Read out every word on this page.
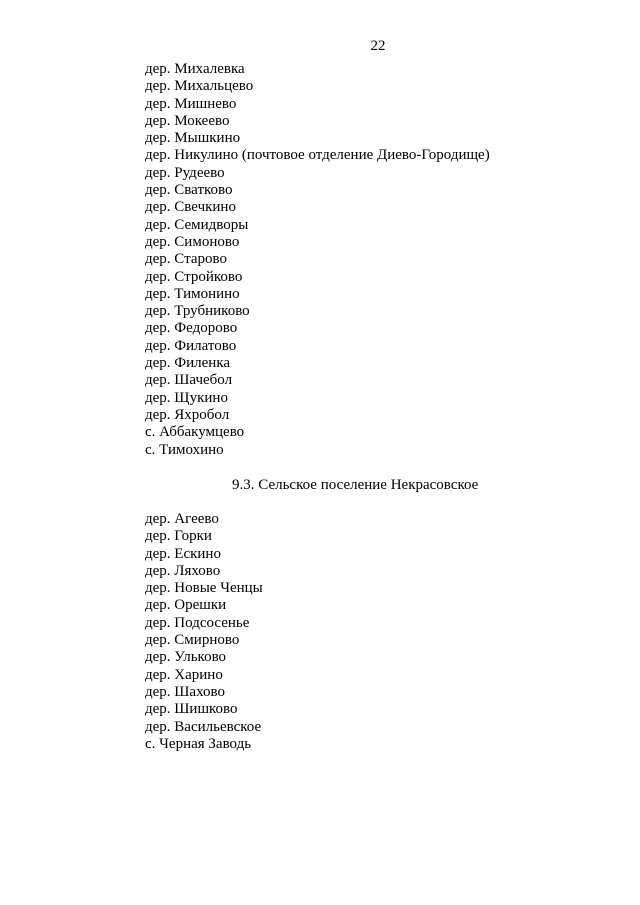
22
дер. Михалевка
дер. Михальцево
дер. Мишнево
дер. Мокеево
дер. Мышкино
дер. Никулино (почтовое отделение Диево-Городище)
дер. Рудеево
дер. Сватково
дер. Свечкино
дер. Семидворы
дер. Симоново
дер. Старово
дер. Стройково
дер. Тимонино
дер. Трубниково
дер. Федорово
дер. Филатово
дер. Филенка
дер. Шачебол
дер. Щукино
дер. Яхробол
с. Аббакумцево
с. Тимохино
9.3. Сельское поселение Некрасовское
дер. Агеево
дер. Горки
дер. Ескино
дер. Ляхово
дер. Новые Ченцы
дер. Орешки
дер. Подсосенье
дер. Смирново
дер. Ульково
дер. Харино
дер. Шахово
дер. Шишково
дер. Васильевское
с. Черная Заводь
